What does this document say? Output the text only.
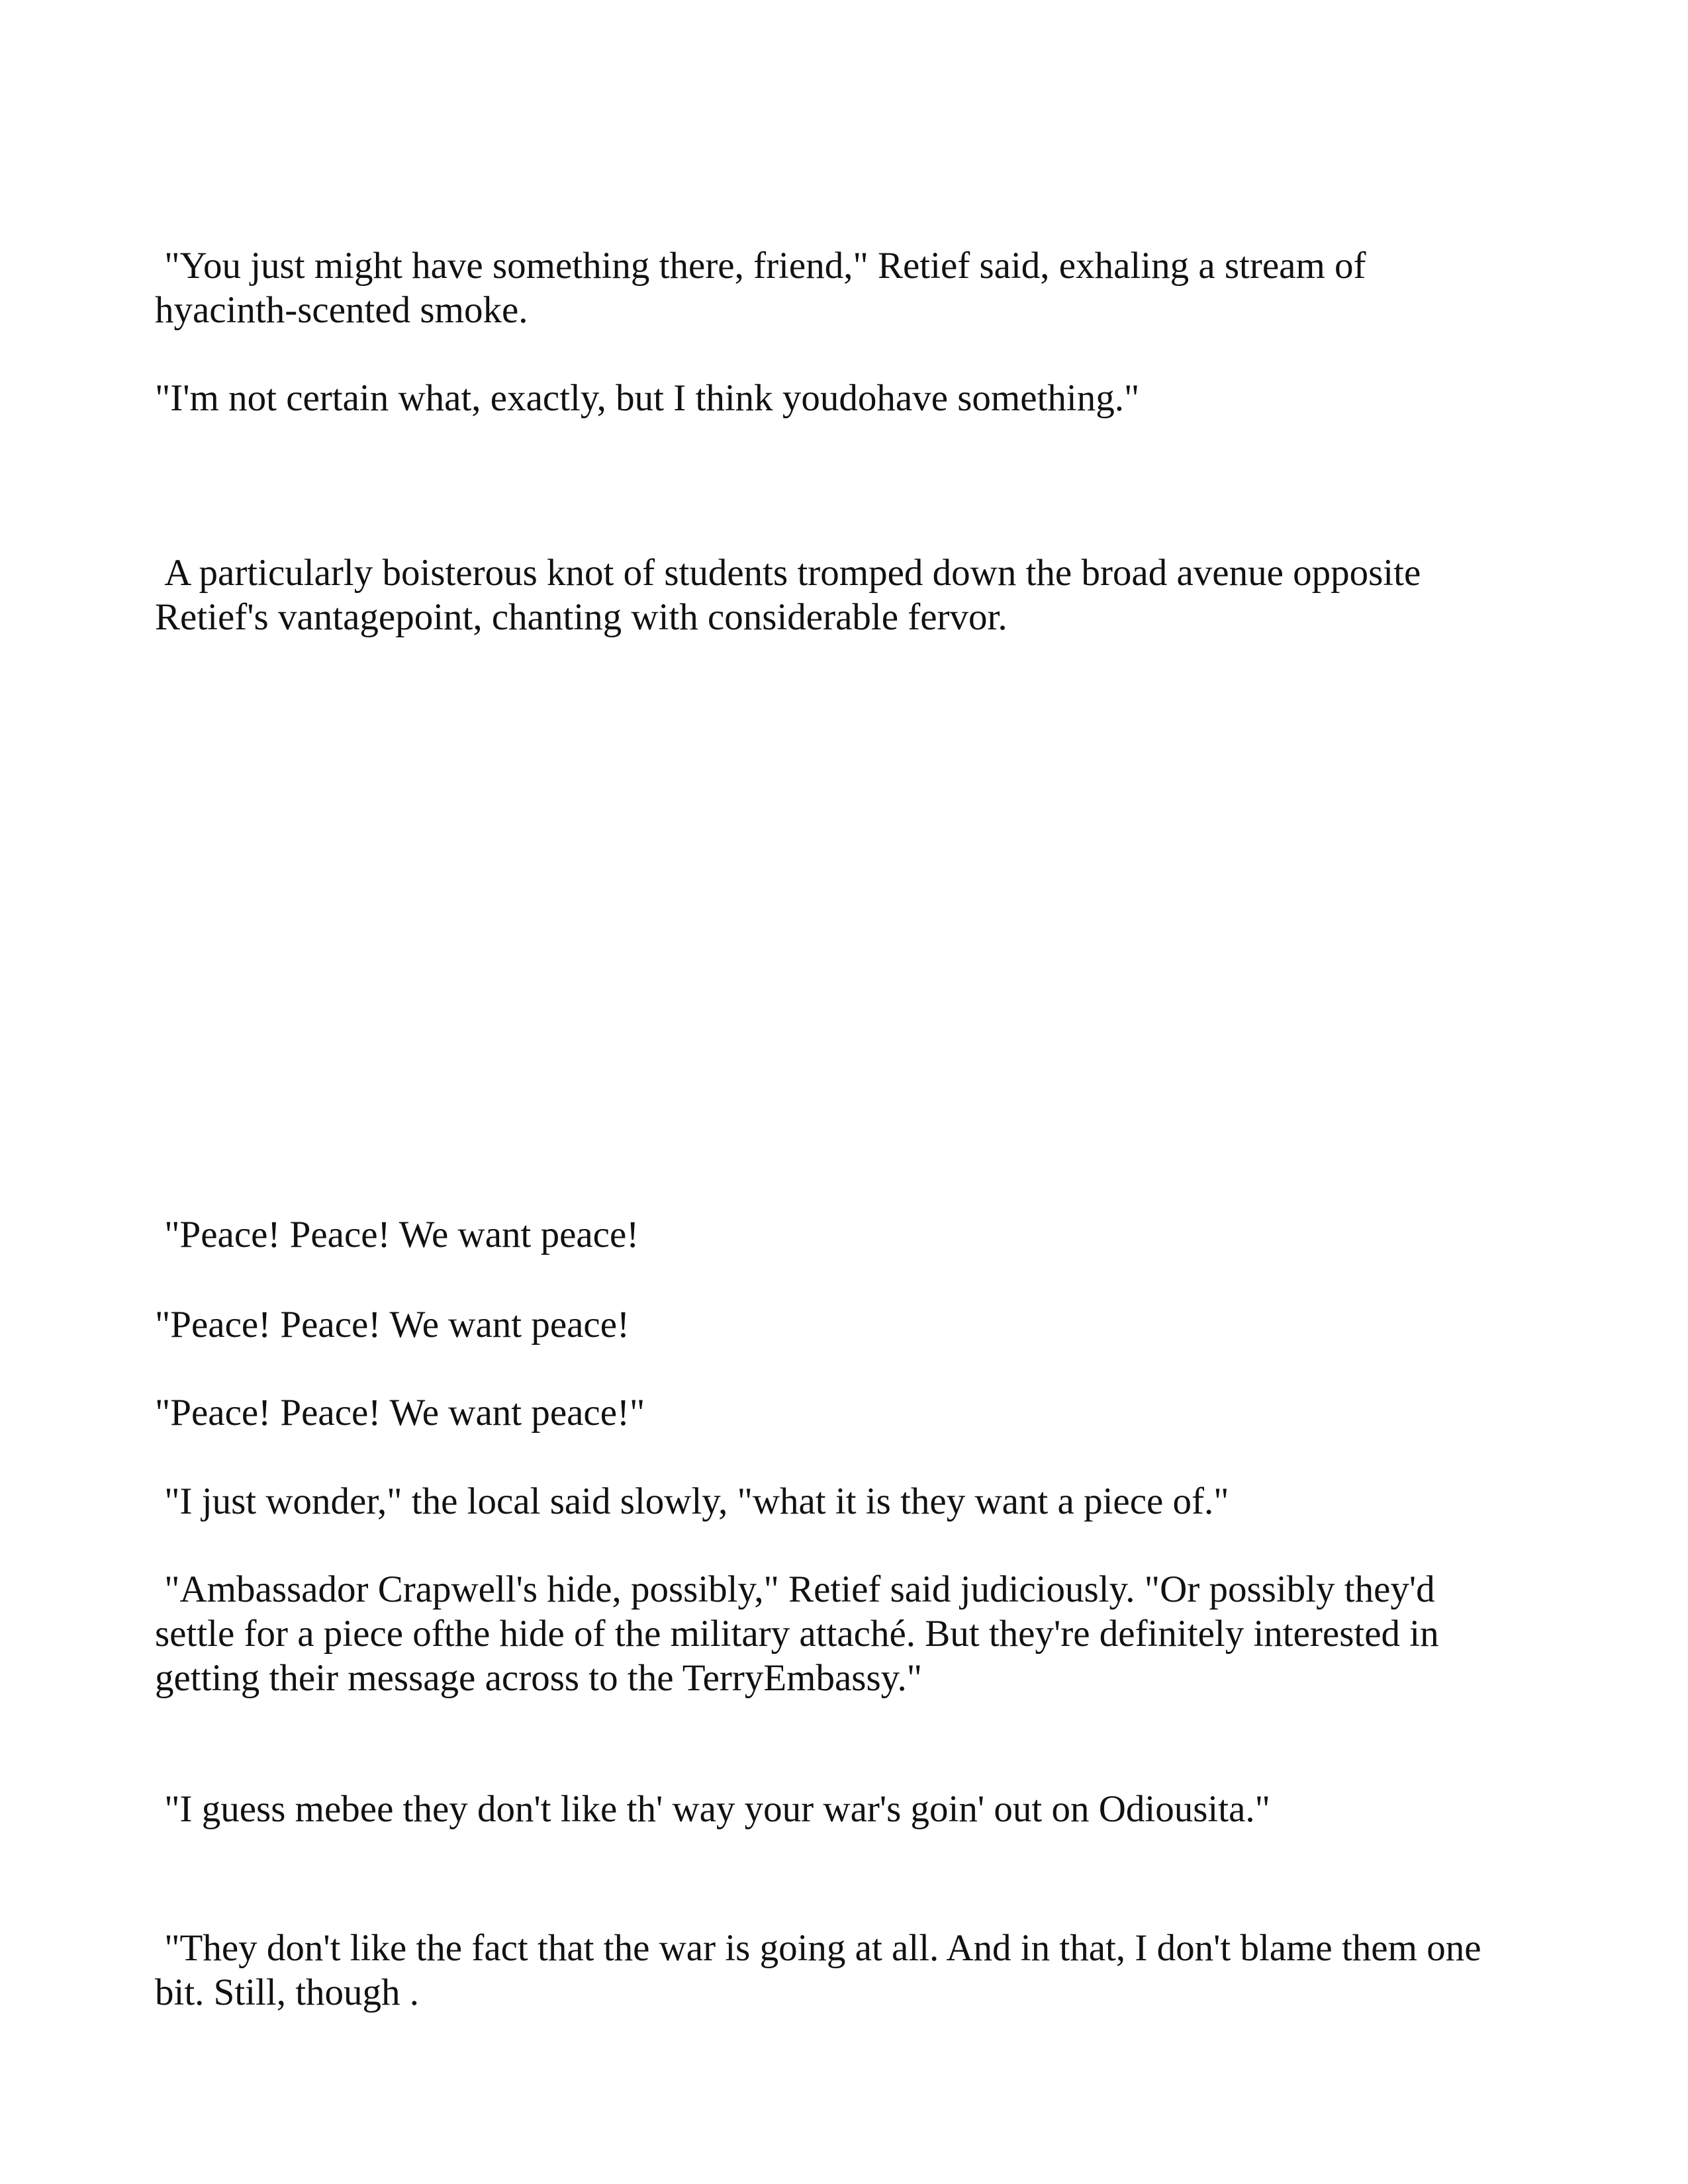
"You just might have something there, friend," Retief said, exhaling a stream of
hyacinth-scented smoke.

"I'm not certain what, exactly, but I think youdohave something."

A particularly boisterous knot of students tromped down the broad avenue opposite
Retief's vantagepoint, chanting with considerable fervor.

"Peace! Peace! We want peace!

"Peace! Peace! We want peace!

"Peace! Peace! We want peace!"

"I just wonder," the local said slowly, "what it is they want a piece of."

"Ambassador Crapwell's hide, possibly," Retief said judiciously. "Or possibly they'd
settle for a piece ofthe hide of the military attaché. But they're definitely interested in
getting their message across to the TerryEmbassy."

"I guess mebee they don't like th' way your war's goin' out on Odiousita."

"They don't like the fact that the war is going at all. And in that, I don't blame them one
bit. Still, though .
